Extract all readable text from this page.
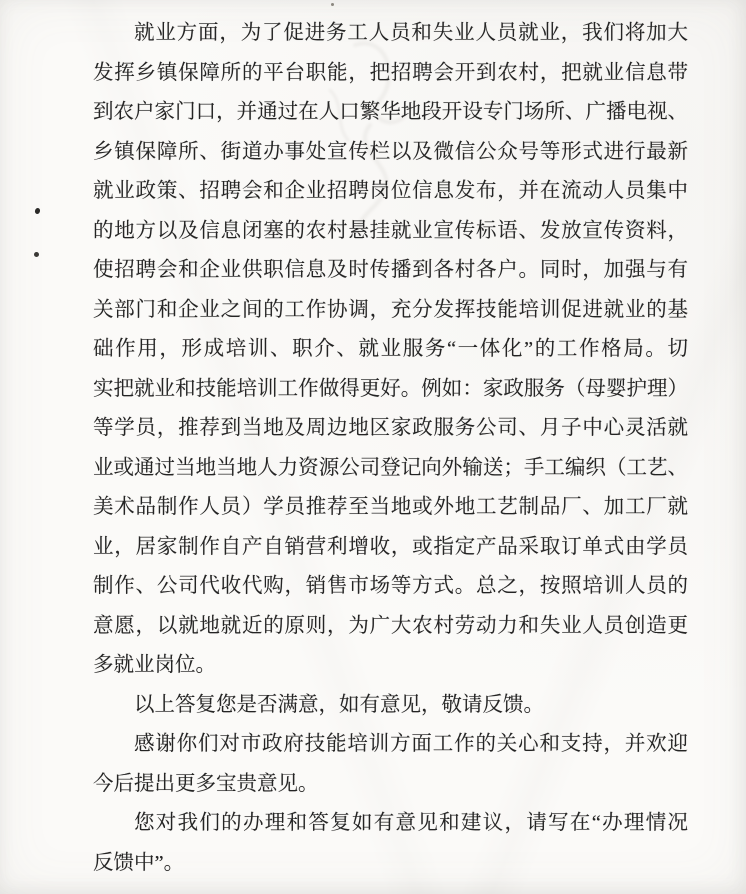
就业方面，为了促进务工人员和失业人员就业，我们将加大
发挥乡镇保障所的平台职能，把招聘会开到农村，把就业信息带
到农户家门口，并通过在人口繁华地段开设专门场所、广播电视、
乡镇保障所、街道办事处宣传栏以及微信公众号等形式进行最新
就业政策、招聘会和企业招聘岗位信息发布，并在流动人员集中
的地方以及信息闭塞的农村悬挂就业宣传标语、发放宣传资料，
使招聘会和企业供职信息及时传播到各村各户。同时，加强与有
关部门和企业之间的工作协调，充分发挥技能培训促进就业的基
础作用，形成培训、职介、就业服务“一体化”的工作格局。切
实把就业和技能培训工作做得更好。例如：家政服务（母婴护理）
等学员，推荐到当地及周边地区家政服务公司、月子中心灵活就
业或通过当地当地人力资源公司登记向外输送；手工编织（工艺、
美术品制作人员）学员推荐至当地或外地工艺制品厂、加工厂就
业，居家制作自产自销营利增收，或指定产品采取订单式由学员
制作、公司代收代购，销售市场等方式。总之，按照培训人员的
意愿，以就地就近的原则，为广大农村劳动力和失业人员创造更
多就业岗位。
以上答复您是否满意，如有意见，敬请反馈。
感谢你们对市政府技能培训方面工作的关心和支持，并欢迎
今后提出更多宝贵意见。
您对我们的办理和答复如有意见和建议，请写在“办理情况
反馈中”。
